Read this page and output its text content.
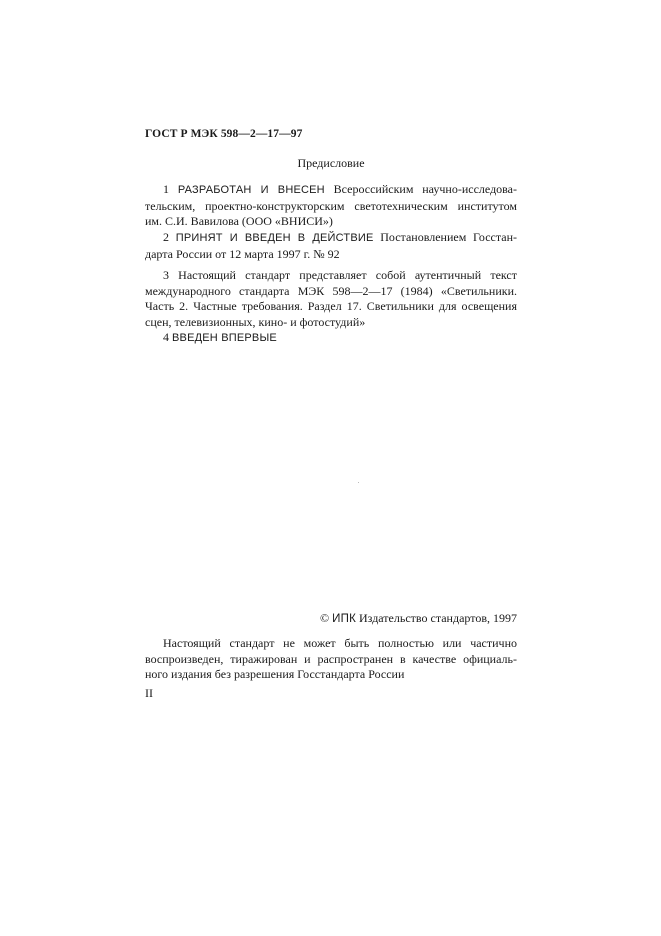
ГОСТ Р МЭК 598—2—17—97
Предисловие
1 РАЗРАБОТАН И ВНЕСЕН Всероссийским научно-исследова-
тельским, проектно-конструкторским светотехническим институтом
им. С.И. Вавилова (ООО «ВНИСИ»)
2 ПРИНЯТ И ВВЕДЕН В ДЕЙСТВИЕ Постановлением Госстан-
дарта России от 12 марта 1997 г. № 92
3 Настоящий стандарт представляет собой аутентичный текст
международного стандарта МЭК 598—2—17 (1984) «Светильники.
Часть 2. Частные требования. Раздел 17. Светильники для освещения
сцен, телевизионных, кино- и фотостудий»
4 ВВЕДЕН ВПЕРВЫЕ
© ИПК Издательство стандартов, 1997
Настоящий стандарт не может быть полностью или частично
воспроизведен, тиражирован и распространен в качестве официаль-
ного издания без разрешения Госстандарта России
II
